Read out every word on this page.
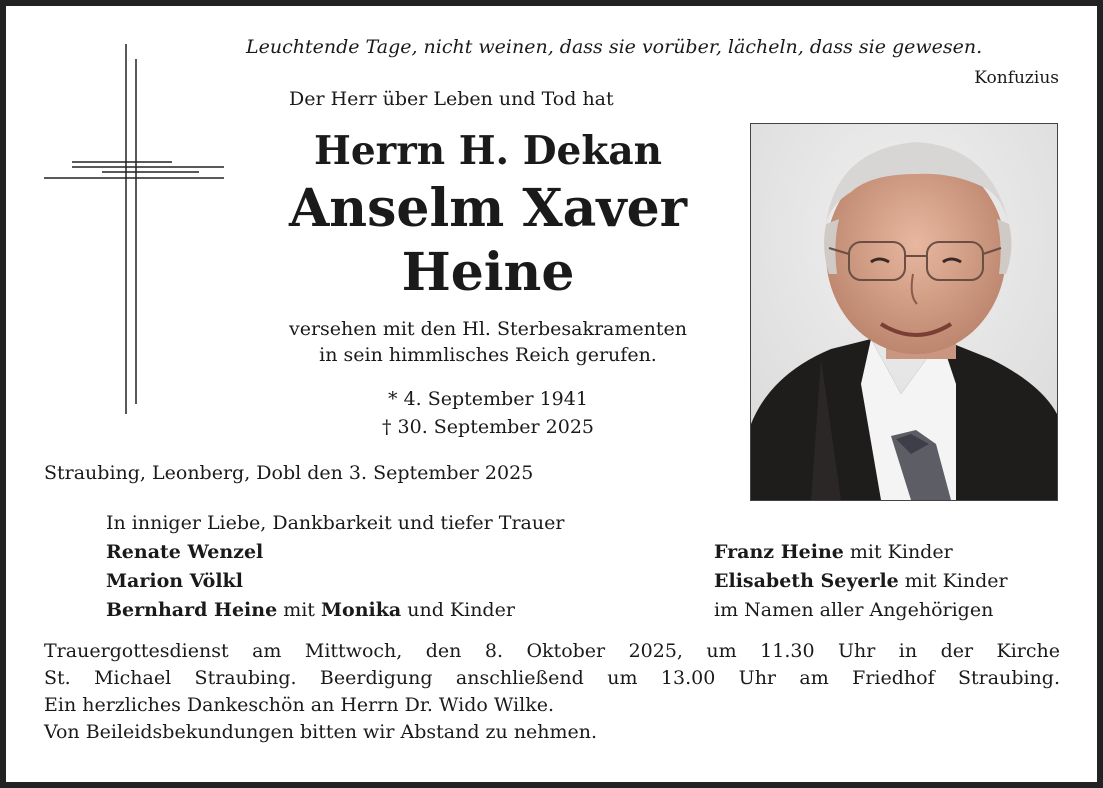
Leuchtende Tage, nicht weinen, dass sie vorüber, lächeln, dass sie gewesen.
Konfuzius
Der Herr über Leben und Tod hat
Herrn H. Dekan
Anselm Xaver
Heine
versehen mit den Hl. Sterbesakramenten
in sein himmlisches Reich gerufen.
* 4. September 1941
† 30. September 2025
Straubing, Leonberg, Dobl den 3. September 2025
In inniger Liebe, Dankbarkeit und tiefer Trauer
Renate Wenzel
Marion Völkl
Bernhard Heine mit Monika und Kinder
Franz Heine mit Kinder
Elisabeth Seyerle mit Kinder
im Namen aller Angehörigen

Trauergottesdienst am Mittwoch, den 8. Oktober 2025, um 11.30 Uhr in der Kirche

St. Michael Straubing. Beerdigung anschließend um 13.00 Uhr am Friedhof Straubing.

Ein herzliches Dankeschön an Herrn Dr. Wido Wilke.

Von Beileidsbekundungen bitten wir Abstand zu nehmen.
